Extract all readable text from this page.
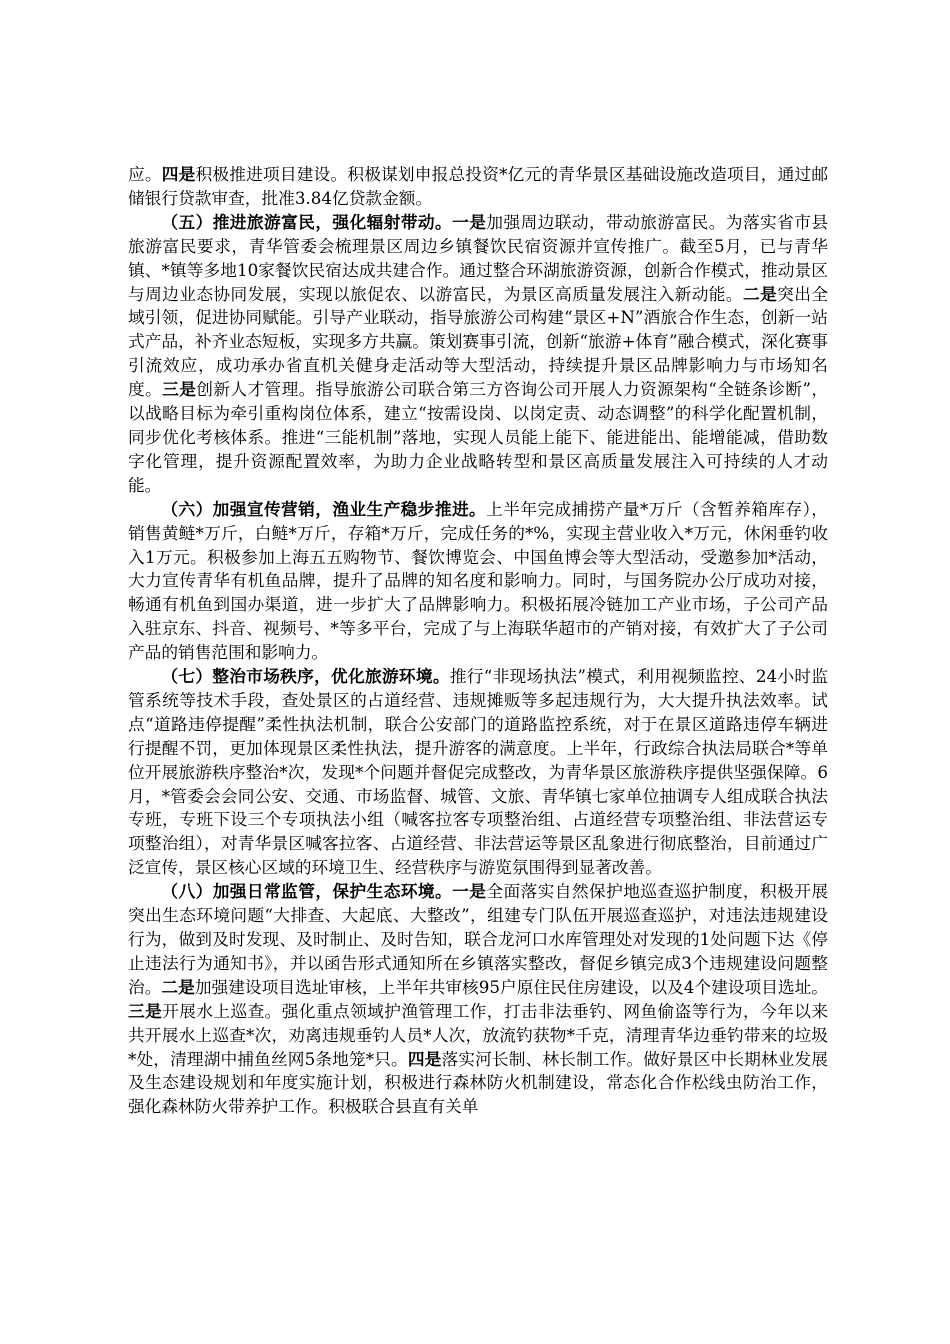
应。四是积极推进项目建设。积极谋划申报总投资*亿元的青华景区基础设施改造项目，通过邮储银行贷款审查，批准3.84亿贷款金额。

（五）推进旅游富民，强化辐射带动。一是加强周边联动，带动旅游富民。为落实省市县旅游富民要求，青华管委会梳理景区周边乡镇餐饮民宿资源并宣传推广。截至5月，已与青华镇、*镇等多地10家餐饮民宿达成共建合作。通过整合环湖旅游资源，创新合作模式，推动景区与周边业态协同发展，实现以旅促农、以游富民，为景区高质量发展注入新动能。二是突出全域引领，促进协同赋能。引导产业联动，指导旅游公司构建“景区+N”酒旅合作生态，创新一站式产品，补齐业态短板，实现多方共赢。策划赛事引流，创新“旅游+体育”融合模式，深化赛事引流效应，成功承办省直机关健身走活动等大型活动，持续提升景区品牌影响力与市场知名度。三是创新人才管理。指导旅游公司联合第三方咨询公司开展人力资源架构“全链条诊断”，以战略目标为牵引重构岗位体系，建立“按需设岗、以岗定责、动态调整”的科学化配置机制，同步优化考核体系。推进“三能机制”落地，实现人员能上能下、能进能出、能增能减，借助数字化管理，提升资源配置效率，为助力企业战略转型和景区高质量发展注入可持续的人才动能。

（六）加强宣传营销，渔业生产稳步推进。上半年完成捕捞产量*万斤（含暂养箱库存），销售黄鲢*万斤，白鲢*万斤，存箱*万斤，完成任务的*%，实现主营业收入*万元，休闲垂钓收入1万元。积极参加上海五五购物节、餐饮博览会、中国鱼博会等大型活动，受邀参加*活动，大力宣传青华有机鱼品牌，提升了品牌的知名度和影响力。同时，与国务院办公厅成功对接，畅通有机鱼到国办渠道，进一步扩大了品牌影响力。积极拓展冷链加工产业市场，子公司产品入驻京东、抖音、视频号、*等多平台，完成了与上海联华超市的产销对接，有效扩大了子公司产品的销售范围和影响力。

（七）整治市场秩序，优化旅游环境。推行“非现场执法”模式，利用视频监控、24小时监管系统等技术手段，查处景区的占道经营、违规摊贩等多起违规行为，大大提升执法效率。试点“道路违停提醒”柔性执法机制，联合公安部门的道路监控系统，对于在景区道路违停车辆进行提醒不罚，更加体现景区柔性执法，提升游客的满意度。上半年，行政综合执法局联合*等单位开展旅游秩序整治*次，发现*个问题并督促完成整改，为青华景区旅游秩序提供坚强保障。6月，*管委会会同公安、交通、市场监督、城管、文旅、青华镇七家单位抽调专人组成联合执法专班，专班下设三个专项执法小组（喊客拉客专项整治组、占道经营专项整治组、非法营运专项整治组），对青华景区喊客拉客、占道经营、非法营运等景区乱象进行彻底整治，目前通过广泛宣传，景区核心区域的环境卫生、经营秩序与游览氛围得到显著改善。

（八）加强日常监管，保护生态环境。一是全面落实自然保护地巡查巡护制度，积极开展突出生态环境问题“大排查、大起底、大整改”，组建专门队伍开展巡查巡护，对违法违规建设行为，做到及时发现、及时制止、及时告知，联合龙河口水库管理处对发现的1处问题下达《停止违法行为通知书》，并以函告形式通知所在乡镇落实整改，督促乡镇完成3个违规建设问题整治。二是加强建设项目选址审核，上半年共审核95户原住民住房建设，以及4个建设项目选址。三是开展水上巡查。强化重点领域护渔管理工作，打击非法垂钓、网鱼偷盗等行为，今年以来共开展水上巡查*次，劝离违规垂钓人员*人次，放流钓获物*千克，清理青华边垂钓带来的垃圾*处，清理湖中捕鱼丝网5条地笼*只。四是落实河长制、林长制工作。做好景区中长期林业发展及生态建设规划和年度实施计划，积极进行森林防火机制建设，常态化合作松线虫防治工作，强化森林防火带养护工作。积极联合县直有关单
